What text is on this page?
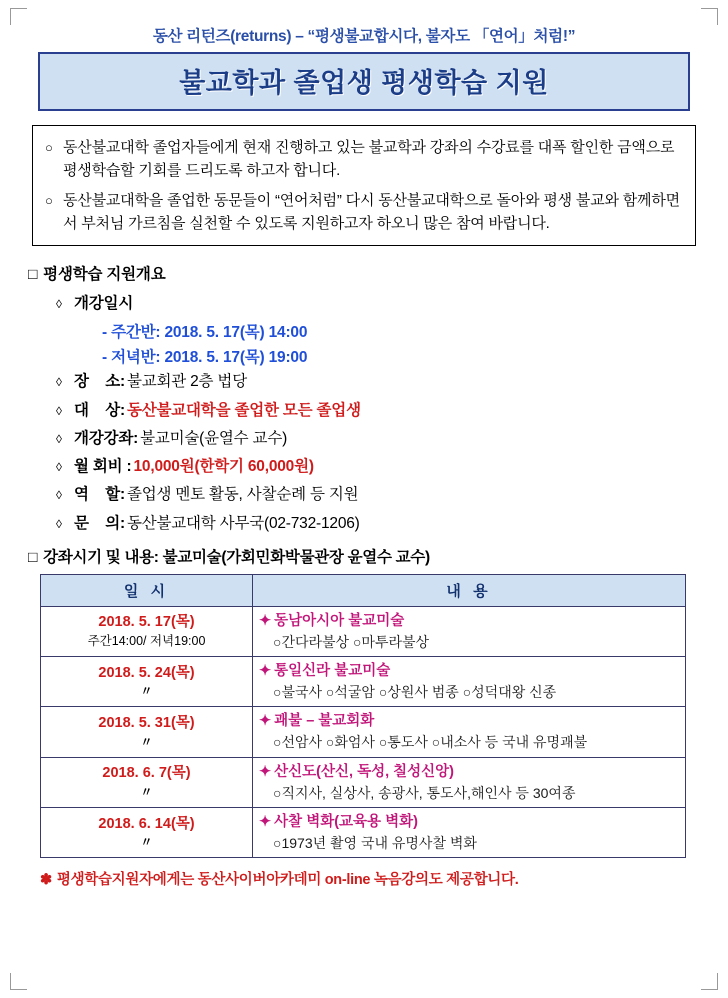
동산 리턴즈(returns) – “평생불교합시다, 불자도 「연어」처럼!”
불교학과 졸업생 평생학습 지원
○ 동산불교대학 졸업자들에게 현재 진행하고 있는 불교학과 강좌의 수강료를 대폭 할인한 금액으로 평생학습할 기회를 드리도록 하고자 합니다.
○ 동산불교대학을 졸업한 동문들이 “연어처럼” 다시 동산불교대학으로 돌아와 평생 불교와 함께하면서 부처님 가르침을 실천할 수 있도록 지원하고자 하오니 많은 참여 바랍니다.
□ 평생학습 지원개요
◊ 개강일시
- 주간반: 2018. 5. 17(목) 14:00
- 저녁반: 2018. 5. 17(목) 19:00
◊ 장    소: 불교회관 2층 법당
◊ 대    상: 동산불교대학을 졸업한 모든 졸업생
◊ 개강강좌: 불교미술(윤열수 교수)
◊ 월 회비 : 10,000원(한학기 60,000원)
◊ 역    할: 졸업생 멘토 활동, 사찰순례 등 지원
◊ 문    의: 동산불교대학 사무국(02-732-1206)
□ 강좌시기 및 내용: 불교미술(가회민화박물관장 윤열수 교수)
일 시	내 용

2018. 5. 17(목)
주간14:00/ 저녁19:00	✦ 동남아시아 불교미술
○간다라불상 ○마투라불상

2018. 5. 24(목)
〃	✦ 통일신라 불교미술
○불국사 ○석굴암 ○상원사 범종 ○성덕대왕 신종

2018. 5. 31(목)
〃	✦ 괘불 – 불교회화
○선암사 ○화엄사 ○통도사 ○내소사 등 국내 유명괘불

2018. 6. 7(목)
〃	✦ 산신도(산신, 독성, 칠성신앙)
○직지사, 실상사, 송광사, 통도사,해인사 등 30여종

2018. 6. 14(목)
〃	✦ 사찰 벽화(교육용 벽화)
○1973년 촬영 국내 유명사찰 벽화
✽ 평생학습지원자에게는 동산사이버아카데미 on-line 녹음강의도 제공합니다.
